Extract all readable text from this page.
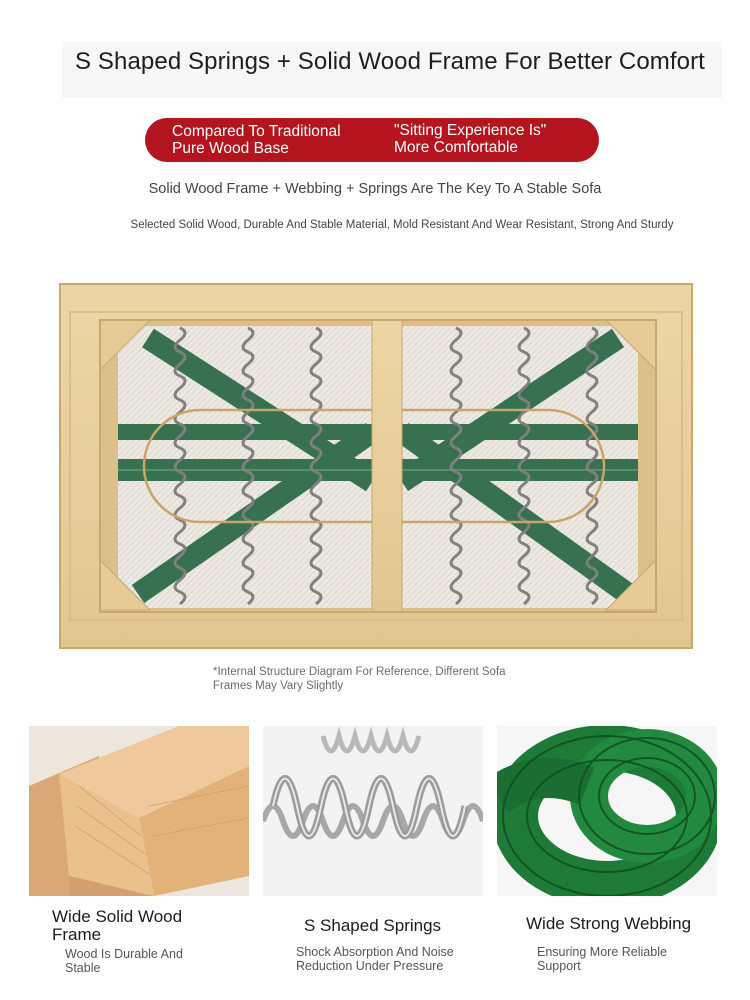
S Shaped Springs + Solid Wood Frame For Better Comfort
Compared To Traditional
Pure Wood Base
"Sitting Experience Is"
More Comfortable
Solid Wood Frame + Webbing + Springs Are The Key To A Stable Sofa
Selected Solid Wood, Durable And Stable Material, Mold Resistant And Wear Resistant, Strong And Sturdy
*Internal Structure Diagram For Reference, Different Sofa
Frames May Vary Slightly
Wide Solid Wood
Frame
Wood Is Durable And
Stable
S Shaped Springs
Shock Absorption And Noise
Reduction Under Pressure
Wide Strong Webbing
Ensuring More Reliable
Support
